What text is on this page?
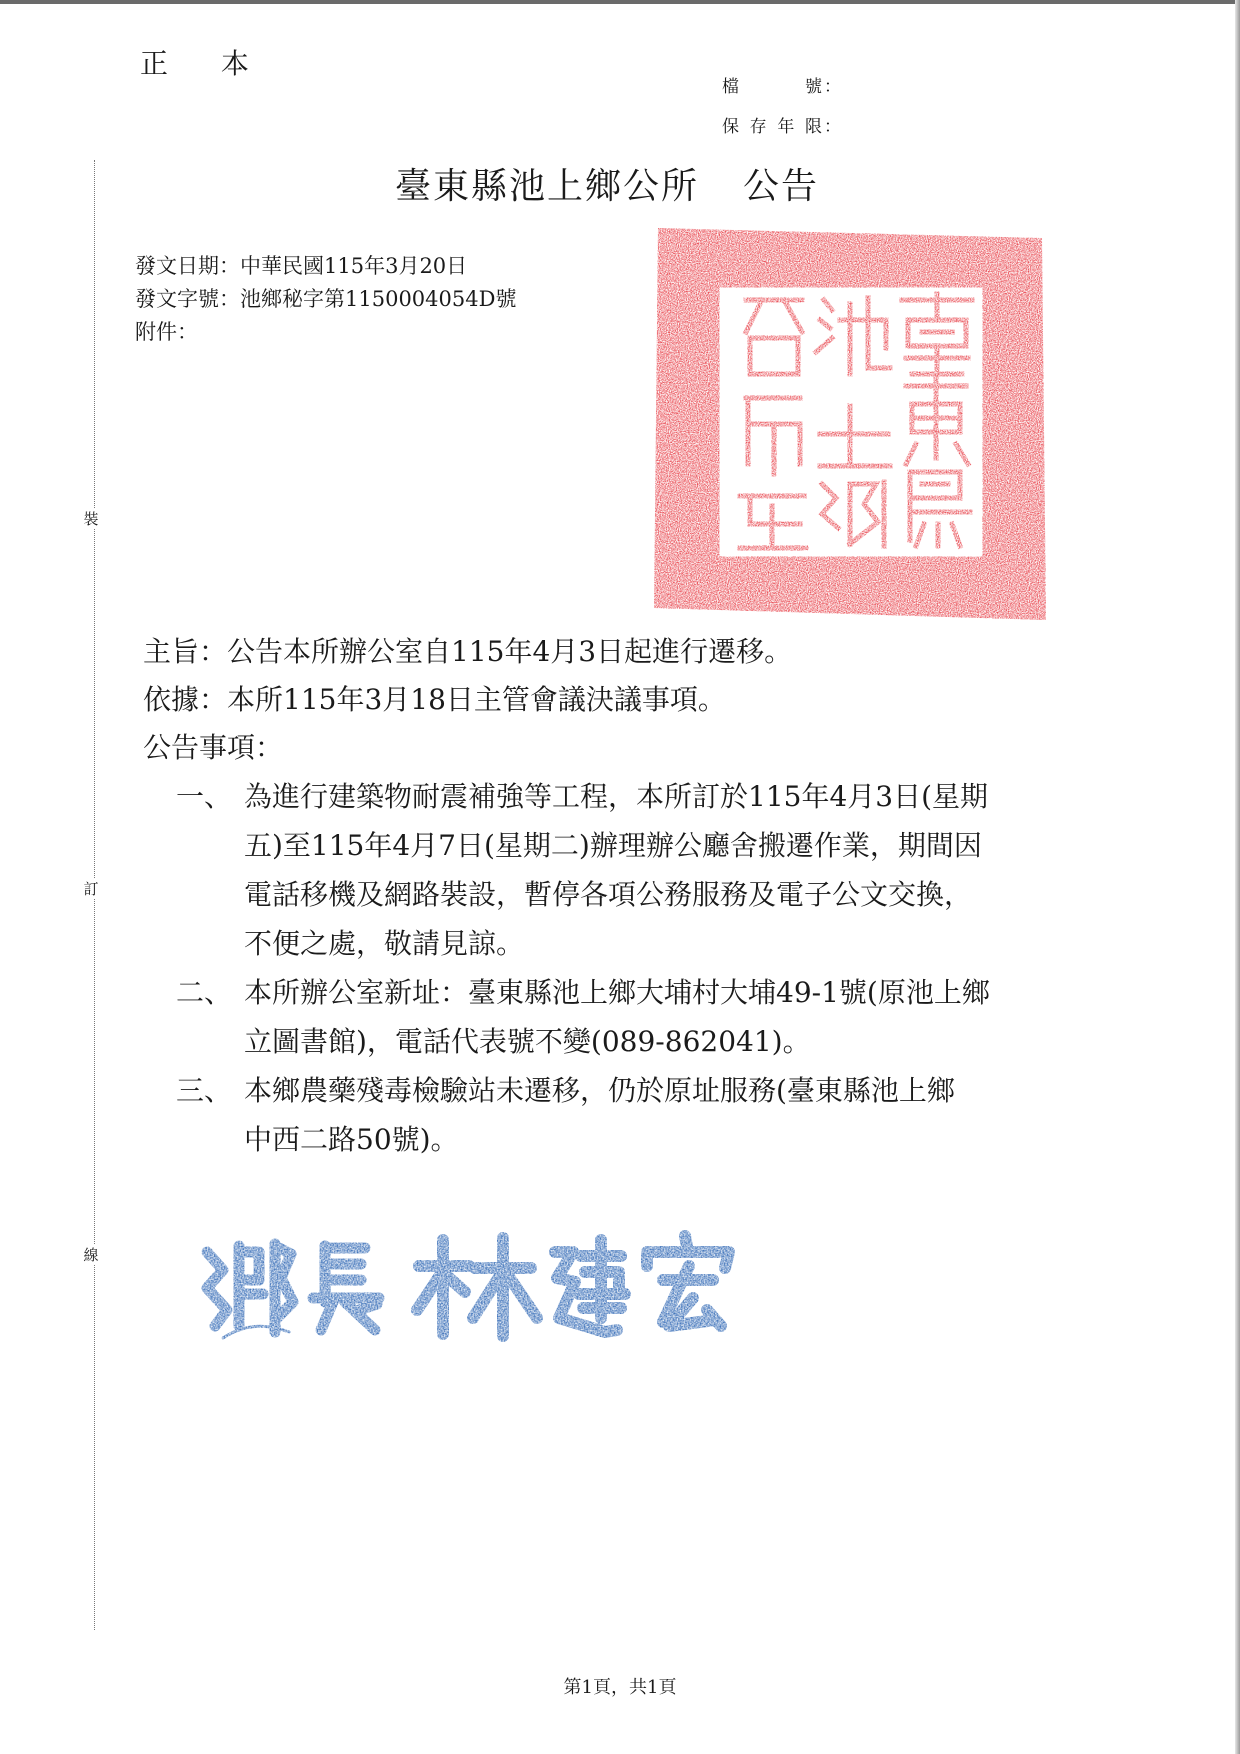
裝
訂
線
正 本
檔 號 ：
保存年限 ：
臺東縣池上鄉公所 公告
發文日期：中華民國115年3月20日
發文字號：池鄉秘字第1150004054D號
附件：
主旨：公告本所辦公室自115年4月3日起進行遷移。
依據：本所115年3月18日主管會議決議事項。
公告事項：
一、 為進行建築物耐震補強等工程，本所訂於115年4月3日(星期
五)至115年4月7日(星期二)辦理辦公廳舍搬遷作業，期間因
電話移機及網路裝設，暫停各項公務服務及電子公文交換，
不便之處，敬請見諒。
二、 本所辦公室新址：臺東縣池上鄉大埔村大埔49-1號(原池上鄉
立圖書館)，電話代表號不變(089-862041)。
三、 本鄉農藥殘毒檢驗站未遷移，仍於原址服務(臺東縣池上鄉
中西二路50號)。
第1頁，共1頁
